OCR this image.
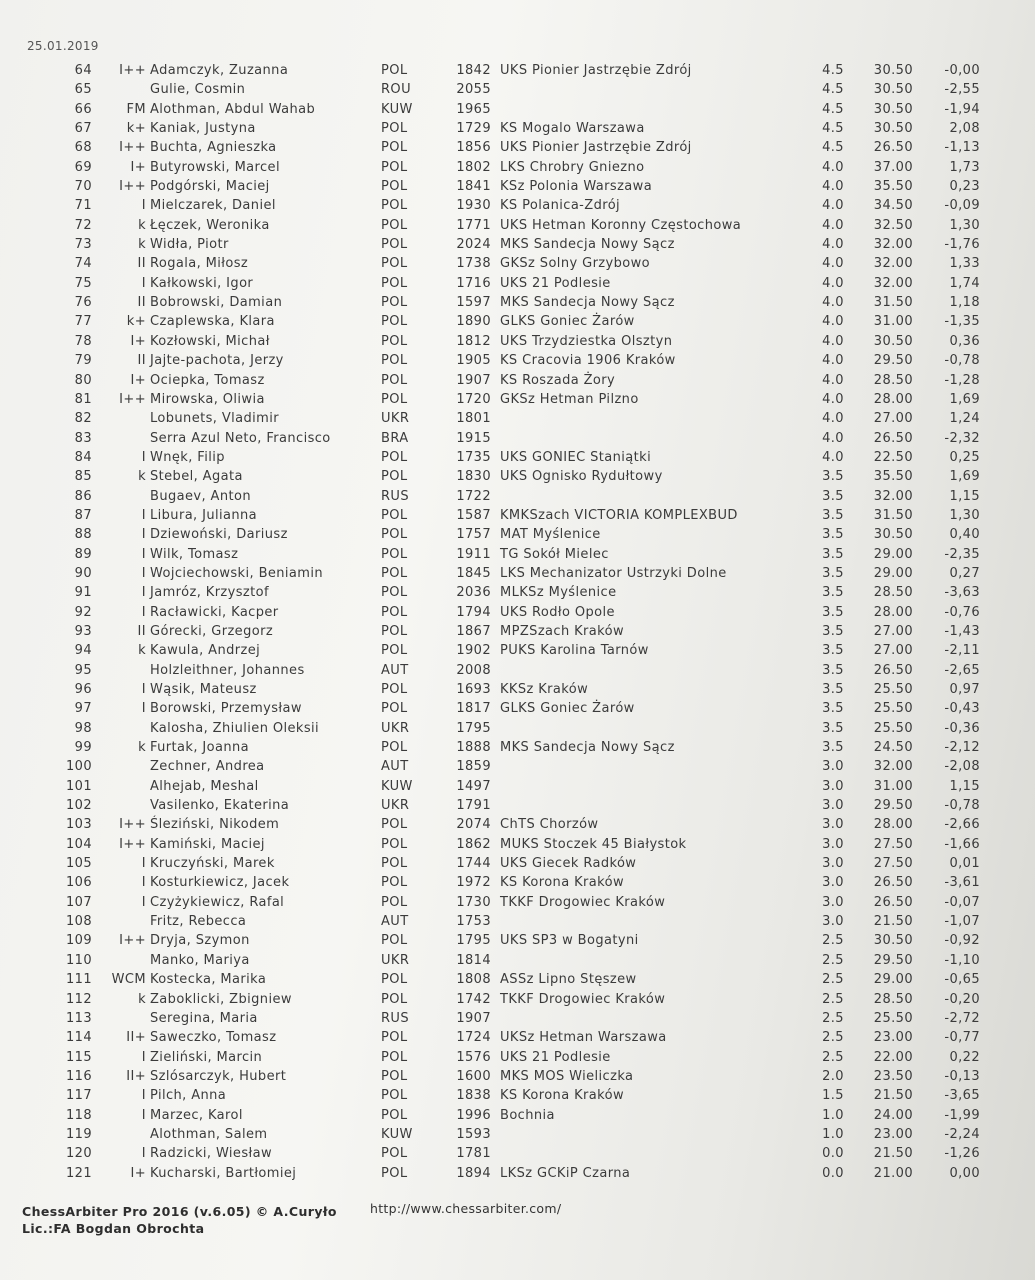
25.01.2019
64	I++ Adamczyk, Zuzanna	POL	1842 UKS Pionier Jastrzębie Zdrój	4.5	30.50	-0,00
65	Gulie, Cosmin	ROU	2055	4.5	30.50	-2,55
66	FM Alothman, Abdul Wahab	KUW	1965	4.5	30.50	-1,94
67	k+ Kaniak, Justyna	POL	1729 KS Mogalo Warszawa	4.5	30.50	2,08
68	I++ Buchta, Agnieszka	POL	1856 UKS Pionier Jastrzębie Zdrój	4.5	26.50	-1,13
69	I+ Butyrowski, Marcel	POL	1802 LKS Chrobry Gniezno	4.0	37.00	1,73
70	I++ Podgórski, Maciej	POL	1841 KSz Polonia Warszawa	4.0	35.50	0,23
71	I Mielczarek, Daniel	POL	1930 KS Polanica-Zdrój	4.0	34.50	-0,09
72	k Łęczek, Weronika	POL	1771 UKS Hetman Koronny Częstochowa	4.0	32.50	1,30
73	k Widła, Piotr	POL	2024 MKS Sandecja Nowy Sącz	4.0	32.00	-1,76
74	II Rogala, Miłosz	POL	1738 GKSz Solny Grzybowo	4.0	32.00	1,33
75	I Kałkowski, Igor	POL	1716 UKS 21 Podlesie	4.0	32.00	1,74
76	II Bobrowski, Damian	POL	1597 MKS Sandecja Nowy Sącz	4.0	31.50	1,18
77	k+ Czaplewska, Klara	POL	1890 GLKS Goniec Żarów	4.0	31.00	-1,35
78	I+ Kozłowski, Michał	POL	1812 UKS Trzydziestka Olsztyn	4.0	30.50	0,36
79	II Jajte-pachota, Jerzy	POL	1905 KS Cracovia 1906 Kraków	4.0	29.50	-0,78
80	I+ Ociepka, Tomasz	POL	1907 KS Roszada Żory	4.0	28.50	-1,28
81	I++ Mirowska, Oliwia	POL	1720 GKSz Hetman Pilzno	4.0	28.00	1,69
82	Lobunets, Vladimir	UKR	1801	4.0	27.00	1,24
83	Serra Azul Neto, Francisco	BRA	1915	4.0	26.50	-2,32
84	I Wnęk, Filip	POL	1735 UKS GONIEC Staniątki	4.0	22.50	0,25
85	k Stebel, Agata	POL	1830 UKS Ognisko Rydułtowy	3.5	35.50	1,69
86	Bugaev, Anton	RUS	1722	3.5	32.00	1,15
87	I Libura, Julianna	POL	1587 KMKSzach VICTORIA KOMPLEXBUD	3.5	31.50	1,30
88	I Dziewoński, Dariusz	POL	1757 MAT Myślenice	3.5	30.50	0,40
89	I Wilk, Tomasz	POL	1911 TG Sokół Mielec	3.5	29.00	-2,35
90	I Wojciechowski, Beniamin	POL	1845 LKS Mechanizator Ustrzyki Dolne	3.5	29.00	0,27
91	I Jamróz, Krzysztof	POL	2036 MLKSz Myślenice	3.5	28.50	-3,63
92	I Racławicki, Kacper	POL	1794 UKS Rodło Opole	3.5	28.00	-0,76
93	II Górecki, Grzegorz	POL	1867 MPZSzach Kraków	3.5	27.00	-1,43
94	k Kawula, Andrzej	POL	1902 PUKS Karolina Tarnów	3.5	27.00	-2,11
95	Holzleithner, Johannes	AUT	2008	3.5	26.50	-2,65
96	I Wąsik, Mateusz	POL	1693 KKSz Kraków	3.5	25.50	0,97
97	I Borowski, Przemysław	POL	1817 GLKS Goniec Żarów	3.5	25.50	-0,43
98	Kalosha, Zhiulien Oleksii	UKR	1795	3.5	25.50	-0,36
99	k Furtak, Joanna	POL	1888 MKS Sandecja Nowy Sącz	3.5	24.50	-2,12
100	Zechner, Andrea	AUT	1859	3.0	32.00	-2,08
101	Alhejab, Meshal	KUW	1497	3.0	31.00	1,15
102	Vasilenko, Ekaterina	UKR	1791	3.0	29.50	-0,78
103	I++ Śleziński, Nikodem	POL	2074 ChTS Chorzów	3.0	28.00	-2,66
104	I++ Kamiński, Maciej	POL	1862 MUKS Stoczek 45 Białystok	3.0	27.50	-1,66
105	I Kruczyński, Marek	POL	1744 UKS Giecek Radków	3.0	27.50	0,01
106	I Kosturkiewicz, Jacek	POL	1972 KS Korona Kraków	3.0	26.50	-3,61
107	I Czyżykiewicz, Rafal	POL	1730 TKKF Drogowiec Kraków	3.0	26.50	-0,07
108	Fritz, Rebecca	AUT	1753	3.0	21.50	-1,07
109	I++ Dryja, Szymon	POL	1795 UKS SP3 w Bogatyni	2.5	30.50	-0,92
110	Manko, Mariya	UKR	1814	2.5	29.50	-1,10
111	WCM Kostecka, Marika	POL	1808 ASSz Lipno Stęszew	2.5	29.00	-0,65
112	k Zaboklicki, Zbigniew	POL	1742 TKKF Drogowiec Kraków	2.5	28.50	-0,20
113	Seregina, Maria	RUS	1907	2.5	25.50	-2,72
114	II+ Saweczko, Tomasz	POL	1724 UKSz Hetman Warszawa	2.5	23.00	-0,77
115	I Zieliński, Marcin	POL	1576 UKS 21 Podlesie	2.5	22.00	0,22
116	II+ Szlósarczyk, Hubert	POL	1600 MKS MOS Wieliczka	2.0	23.50	-0,13
117	I Pilch, Anna	POL	1838 KS Korona Kraków	1.5	21.50	-3,65
118	I Marzec, Karol	POL	1996 Bochnia	1.0	24.00	-1,99
119	Alothman, Salem	KUW	1593	1.0	23.00	-2,24
120	I Radzicki, Wiesław	POL	1781	0.0	21.50	-1,26
121	I+ Kucharski, Bartłomiej	POL	1894 LKSz GCKiP Czarna	0.0	21.00	0,00
ChessArbiter Pro 2016 (v.6.05) © A.Curyło
Lic.:FA Bogdan Obrochta
http://www.chessarbiter.com/
